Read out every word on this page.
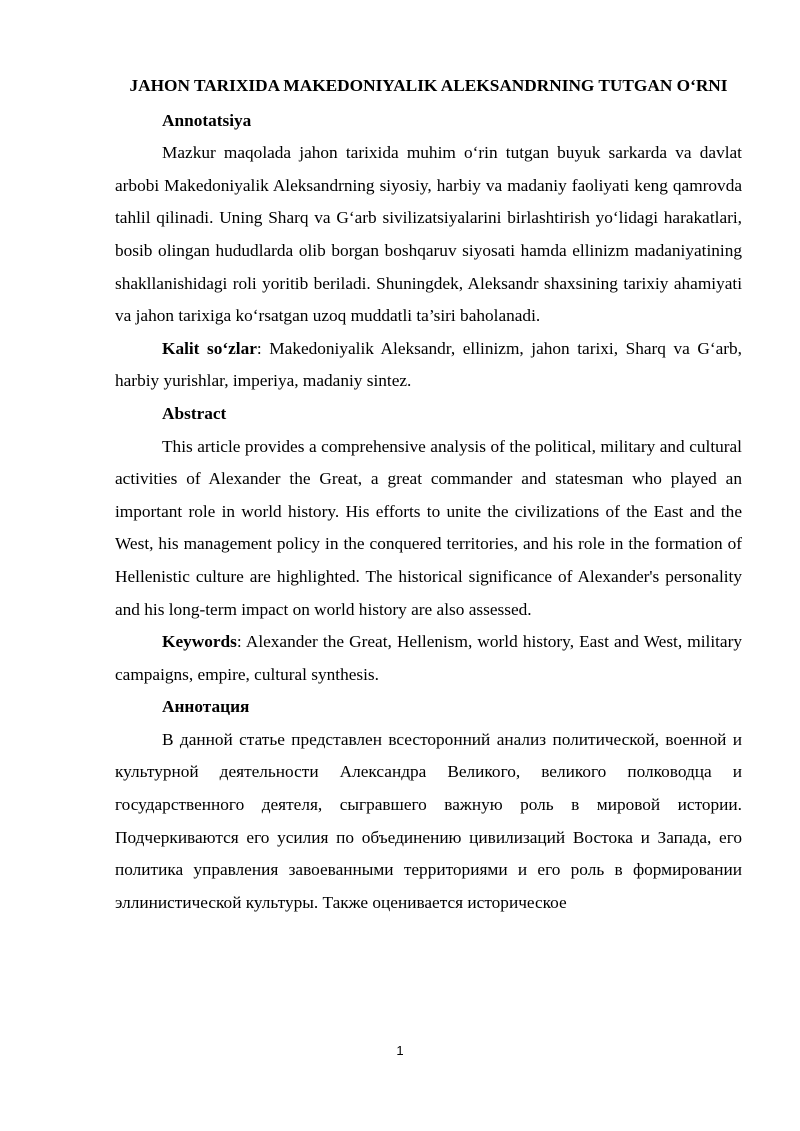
JAHON TARIXIDA MAKEDONIYALIK ALEKSANDRNING TUTGAN O‘RNI

Annotatsiya

Mazkur maqolada jahon tarixida muhim o‘rin tutgan buyuk sarkarda va davlat arbobi Makedoniyalik Aleksandrning siyosiy, harbiy va madaniy faoliyati keng qamrovda tahlil qilinadi. Uning Sharq va G‘arb sivilizatsiyalarini birlashtirish yo‘lidagi harakatlari, bosib olingan hududlarda olib borgan boshqaruv siyosati hamda ellinizm madaniyatining shakllanishidagi roli yoritib beriladi. Shuningdek, Aleksandr shaxsining tarixiy ahamiyati va jahon tarixiga ko‘rsatgan uzoq muddatli ta’siri baholanadi.

Kalit so‘zlar: Makedoniyalik Aleksandr, ellinizm, jahon tarixi, Sharq va G‘arb, harbiy yurishlar, imperiya, madaniy sintez.

Abstract

This article provides a comprehensive analysis of the political, military and cultural activities of Alexander the Great, a great commander and statesman who played an important role in world history. His efforts to unite the civilizations of the East and the West, his management policy in the conquered territories, and his role in the formation of Hellenistic culture are highlighted. The historical significance of Alexander's personality and his long-term impact on world history are also assessed.

Keywords: Alexander the Great, Hellenism, world history, East and West, military campaigns, empire, cultural synthesis.

Аннотация

В данной статье представлен всесторонний анализ политической, военной и культурной деятельности Александра Великого, великого полководца и государственного деятеля, сыгравшего важную роль в мировой истории. Подчеркиваются его усилия по объединению цивилизаций Востока и Запада, его политика управления завоеванными территориями и его роль в формировании эллинистической культуры. Также оценивается историческое

1
